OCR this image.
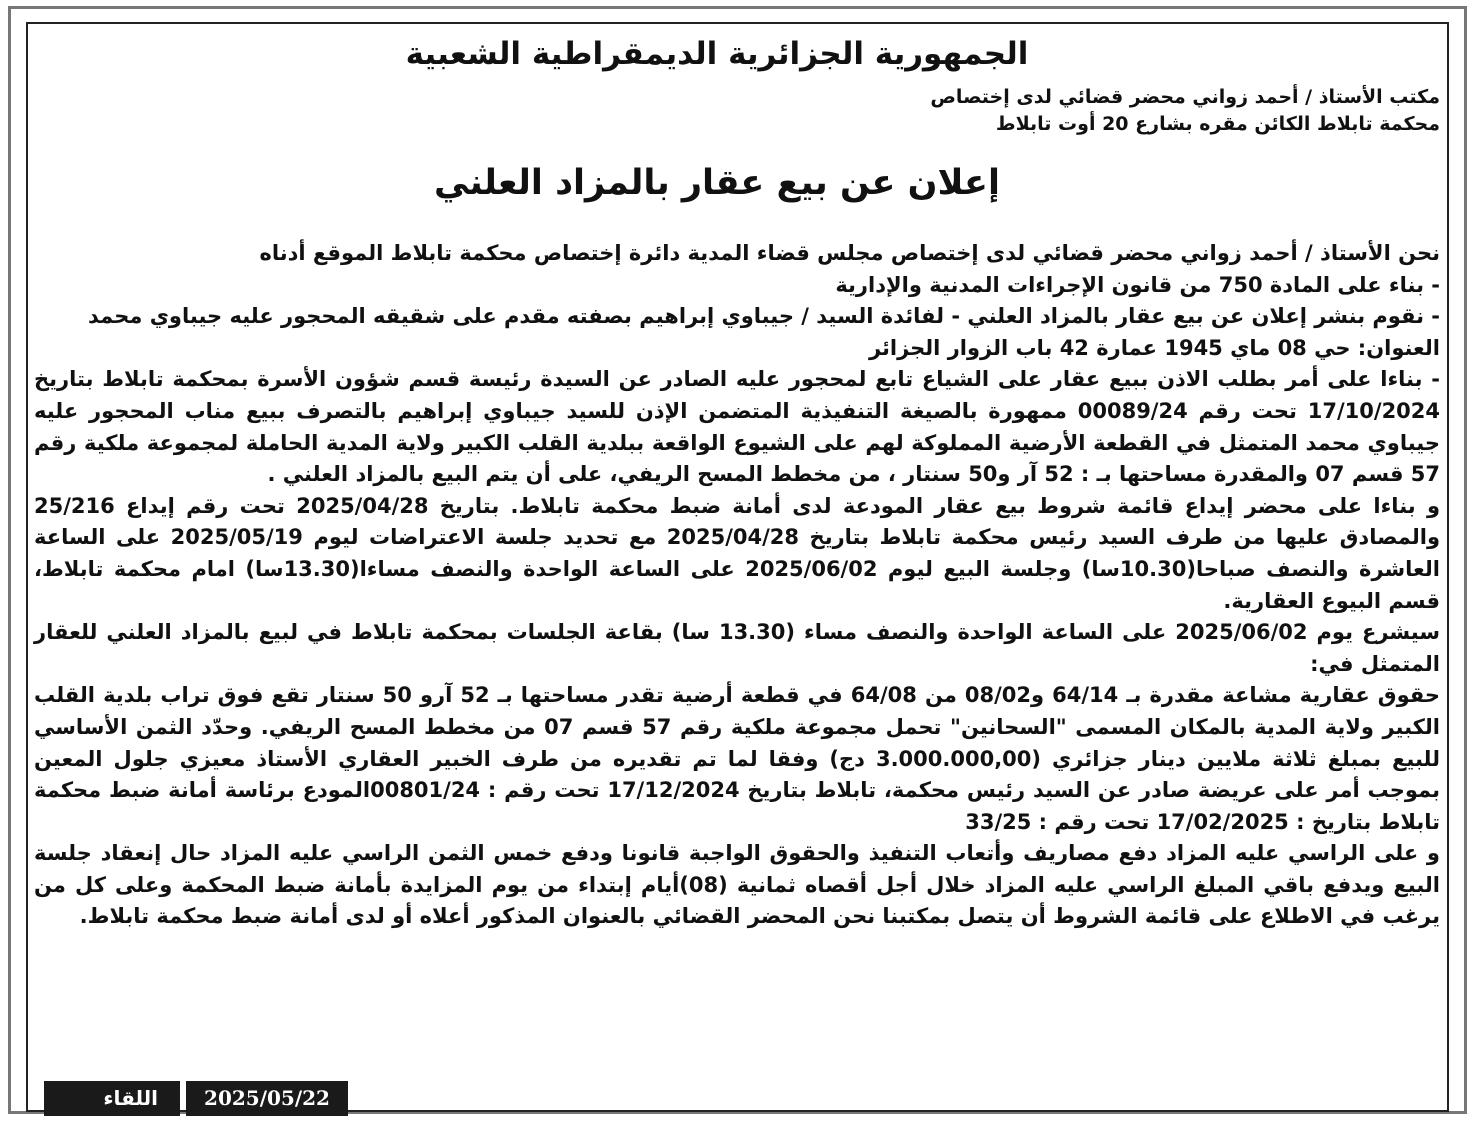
الجمهورية الجزائرية الديمقراطية الشعبية
مكتب الأستاذ / أحمد زواني محضر قضائي لدى إختصاص
محكمة تابلاط الكائن مقره بشارع 20 أوت تابلاط
إعلان عن بيع عقار بالمزاد العلني

نحن الأستاذ / أحمد زواني محضر قضائي لدى إختصاص مجلس قضاء المدية دائرة إختصاص محكمة تابلاط الموقع أدناه

- بناء على المادة 750 من قانون الإجراءات المدنية والإدارية

- نقوم بنشر إعلان عن بيع عقار بالمزاد العلني - لفائدة السيد / جيباوي إبراهيم بصفته مقدم على شقيقه المحجور عليه جيباوي محمد

العنوان: حي 08 ماي 1945 عمارة 42 باب الزوار الجزائر

- بناءا على أمر بطلب الاذن ببيع عقار على الشياع تابع لمحجور عليه الصادر عن السيدة رئيسة قسم شؤون الأسرة بمحكمة تابلاط بتاريخ 17/10/2024 تحت رقم 00089/24 ممهورة بالصيغة التنفيذية المتضمن الإذن للسيد جيباوي إبراهيم بالتصرف ببيع مناب المحجور عليه جيباوي محمد المتمثل في القطعة الأرضية المملوكة لهم على الشيوع الواقعة ببلدية القلب الكبير ولاية المدية الحاملة لمجموعة ملكية رقم 57 قسم 07 والمقدرة مساحتها بـ : 52 آر و50 سنتار ، من مخطط المسح الريفي، على أن يتم البيع بالمزاد العلني .

و بناءا على محضر إيداع قائمة شروط بيع عقار المودعة لدى أمانة ضبط محكمة تابلاط. بتاريخ 2025/04/28 تحت رقم إيداع 25/216 والمصادق عليها من طرف السيد رئيس محكمة تابلاط بتاريخ 2025/04/28 مع تحديد جلسة الاعتراضات ليوم 2025/05/19 على الساعة العاشرة والنصف صباحا(10.30سا) وجلسة البيع ليوم 2025/06/02 على الساعة الواحدة والنصف مساءا(13.30سا) امام محكمة تابلاط، قسم البيوع العقارية.

سيشرع يوم 2025/06/02 على الساعة الواحدة والنصف مساء (13.30 سا) بقاعة الجلسات بمحكمة تابلاط في لبيع بالمزاد العلني للعقار المتمثل في:

حقوق عقارية مشاعة مقدرة بـ 64/14 و08/02 من 64/08 في قطعة أرضية تقدر مساحتها بـ 52 آرو 50 سنتار تقع فوق تراب بلدية القلب الكبير ولاية المدية بالمكان المسمى "السحانين" تحمل مجموعة ملكية رقم 57 قسم 07 من مخطط المسح الريفي. وحدّد الثمن الأساسي للبيع بمبلغ ثلاثة ملايين دينار جزائري (3.000.000,00 دج) وفقا لما تم تقديره من طرف الخبير العقاري الأستاذ معيزي جلول المعين بموجب أمر على عريضة صادر عن السيد رئيس محكمة، تابلاط بتاريخ 17/12/2024 تحت رقم : 00801/24المودع برئاسة أمانة ضبط محكمة تابلاط بتاريخ : 17/02/2025 تحت رقم : 33/25

و على الراسي عليه المزاد دفع مصاريف وأتعاب التنفيذ والحقوق الواجبة قانونا ودفع خمس الثمن الراسي عليه المزاد حال إنعقاد جلسة البيع ويدفع باقي المبلغ الراسي عليه المزاد خلال أجل أقصاه ثمانية (08)أيام إبتداء من يوم المزايدة بأمانة ضبط المحكمة وعلى كل من يرغب في الاطلاع على قائمة الشروط أن يتصل بمكتبنا نحن المحضر القضائي بالعنوان المذكور أعلاه أو لدى أمانة ضبط محكمة تابلاط.

اللقاء	2025/05/22
